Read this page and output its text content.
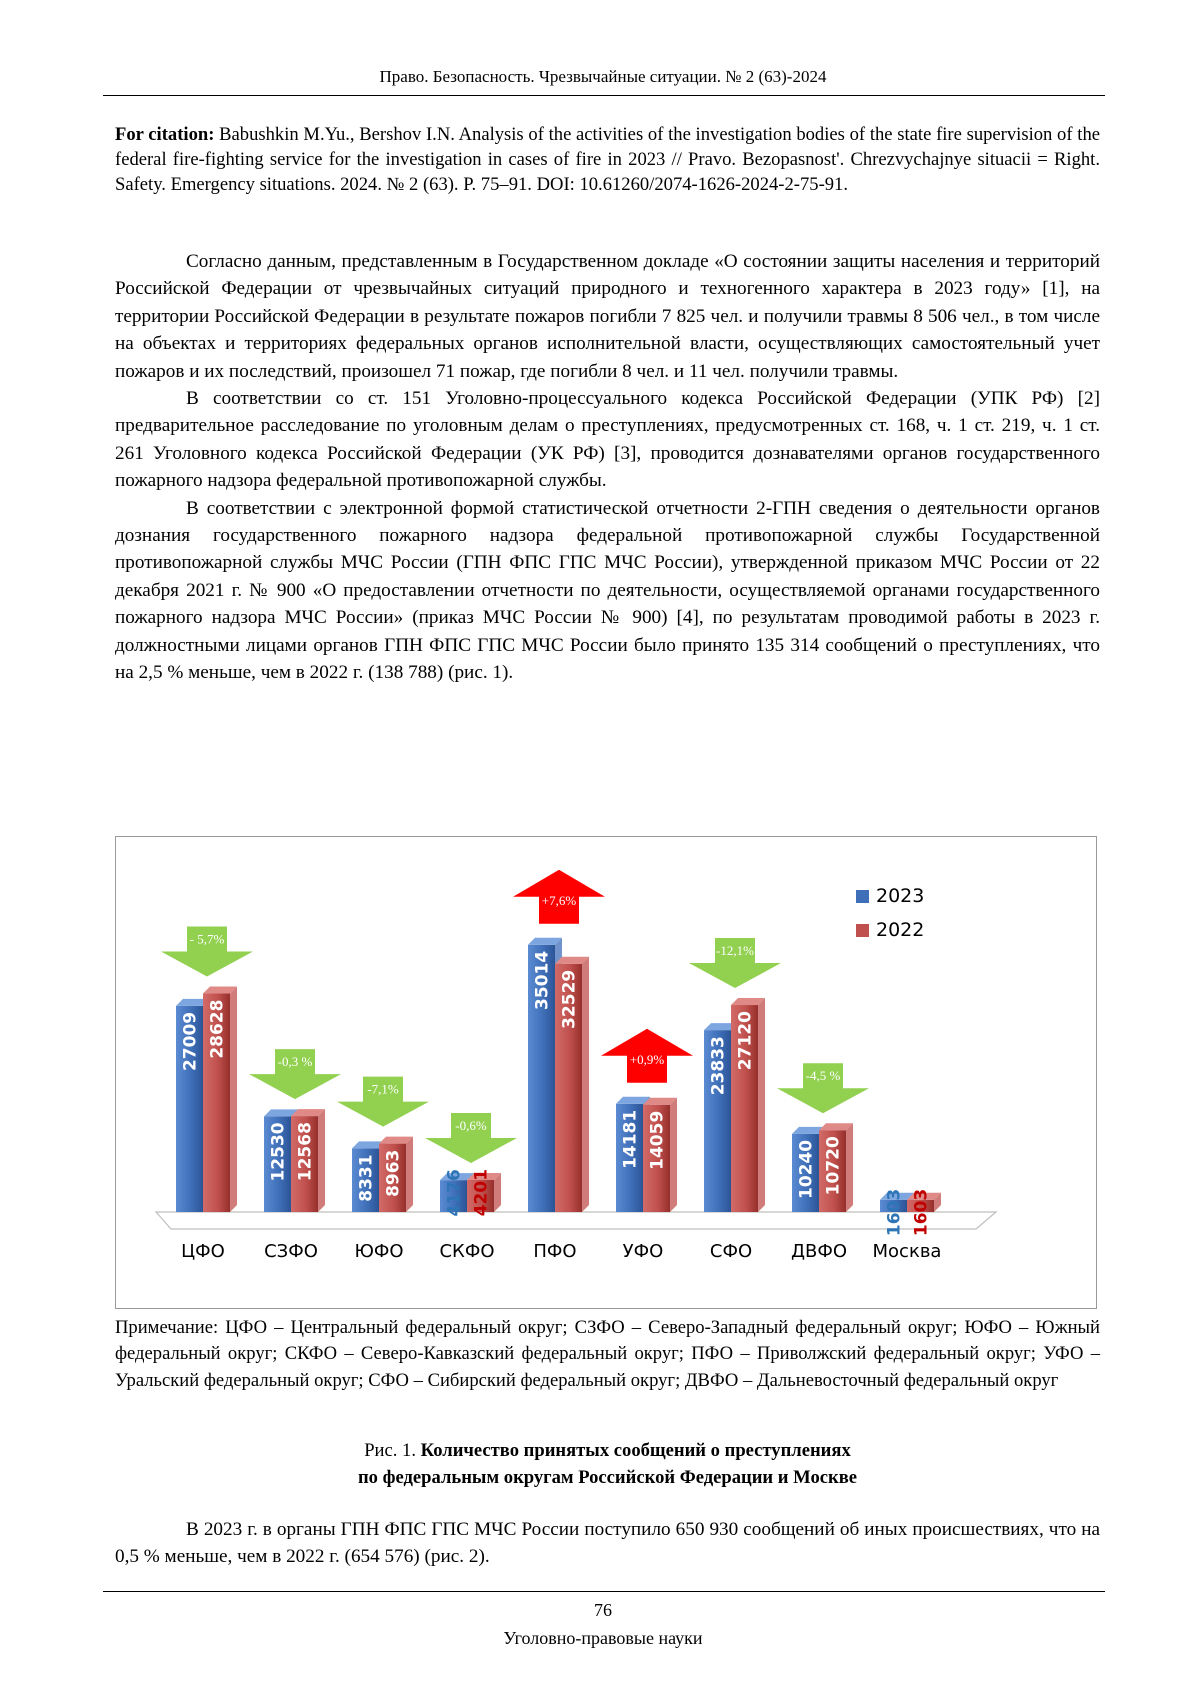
Право. Безопасность. Чрезвычайные ситуации. № 2 (63)-2024
For citation: Babushkin M.Yu., Bershov I.N. Analysis of the activities of the investigation bodies of the state fire supervision of the federal fire-fighting service for the investigation in cases of fire in 2023 // Pravo. Bezopasnost'. Chrezvychajnye situacii = Right. Safety. Emergency situations. 2024. № 2 (63). P. 75–91. DOI: 10.61260/2074-1626-2024-2-75-91.

Согласно данным, представленным в Государственном докладе «О состоянии защиты населения и территорий Российской Федерации от чрезвычайных ситуаций природного и техногенного характера в 2023 году» [1], на территории Российской Федерации в результате пожаров погибли 7 825 чел. и получили травмы 8 506 чел., в том числе на объектах и территориях федеральных органов исполнительной власти, осуществляющих самостоятельный учет пожаров и их последствий, произошел 71 пожар, где погибли 8 чел. и 11 чел. получили травмы.

В соответствии со ст. 151 Уголовно-процессуального кодекса Российской Федерации (УПК РФ) [2] предварительное расследование по уголовным делам о преступлениях, предусмотренных ст. 168, ч. 1 ст. 219, ч. 1 ст. 261 Уголовного кодекса Российской Федерации (УК РФ) [3], проводится дознавателями органов государственного пожарного надзора федеральной противопожарной службы.

В соответствии с электронной формой статистической отчетности 2-ГПН сведения о деятельности органов дознания государственного пожарного надзора федеральной противопожарной службы Государственной противопожарной службы МЧС России (ГПН ФПС ГПС МЧС России), утвержденной приказом МЧС России от 22 декабря 2021 г. № 900 «О предоставлении отчетности по деятельности, осуществляемой органами государственного пожарного надзора МЧС России» (приказ МЧС России № 900) [4], по результатам проводимой работы в 2023 г. должностными лицами органов ГПН ФПС ГПС МЧС России было принято 135 314 сообщений о преступлениях, что на 2,5 % меньше, чем в 2022 г. (138 788) (рис. 1).

27009 28628
12530 12568 8331 8963 4176 4201
35014 32529
14181 14059
23833 27120
10240 10720
1603 1603
- 5,7%
-0,3 %
-7,1%
-0,6%
+7,6%
+0,9%
-12,1%
-4,5 %
ЦФО СЗФО ЮФО СКФО ПФО	УФО	СФО ДВФО Москва
2023
2022
Примечание: ЦФО – Центральный федеральный округ; СЗФО – Северо-Западный федеральный округ; ЮФО – Южный федеральный округ; СКФО – Северо-Кавказский федеральный округ; ПФО – Приволжский федеральный округ; УФО – Уральский федеральный округ; СФО – Сибирский федеральный округ; ДВФО – Дальневосточный федеральный округ
Рис. 1. Количество принятых сообщений о преступлениях
по федеральным округам Российской Федерации и Москве

В 2023 г. в органы ГПН ФПС ГПС МЧС России поступило 650 930 сообщений об иных происшествиях, что на 0,5 % меньше, чем в 2022 г. (654 576) (рис. 2).

76
Уголовно-правовые науки
